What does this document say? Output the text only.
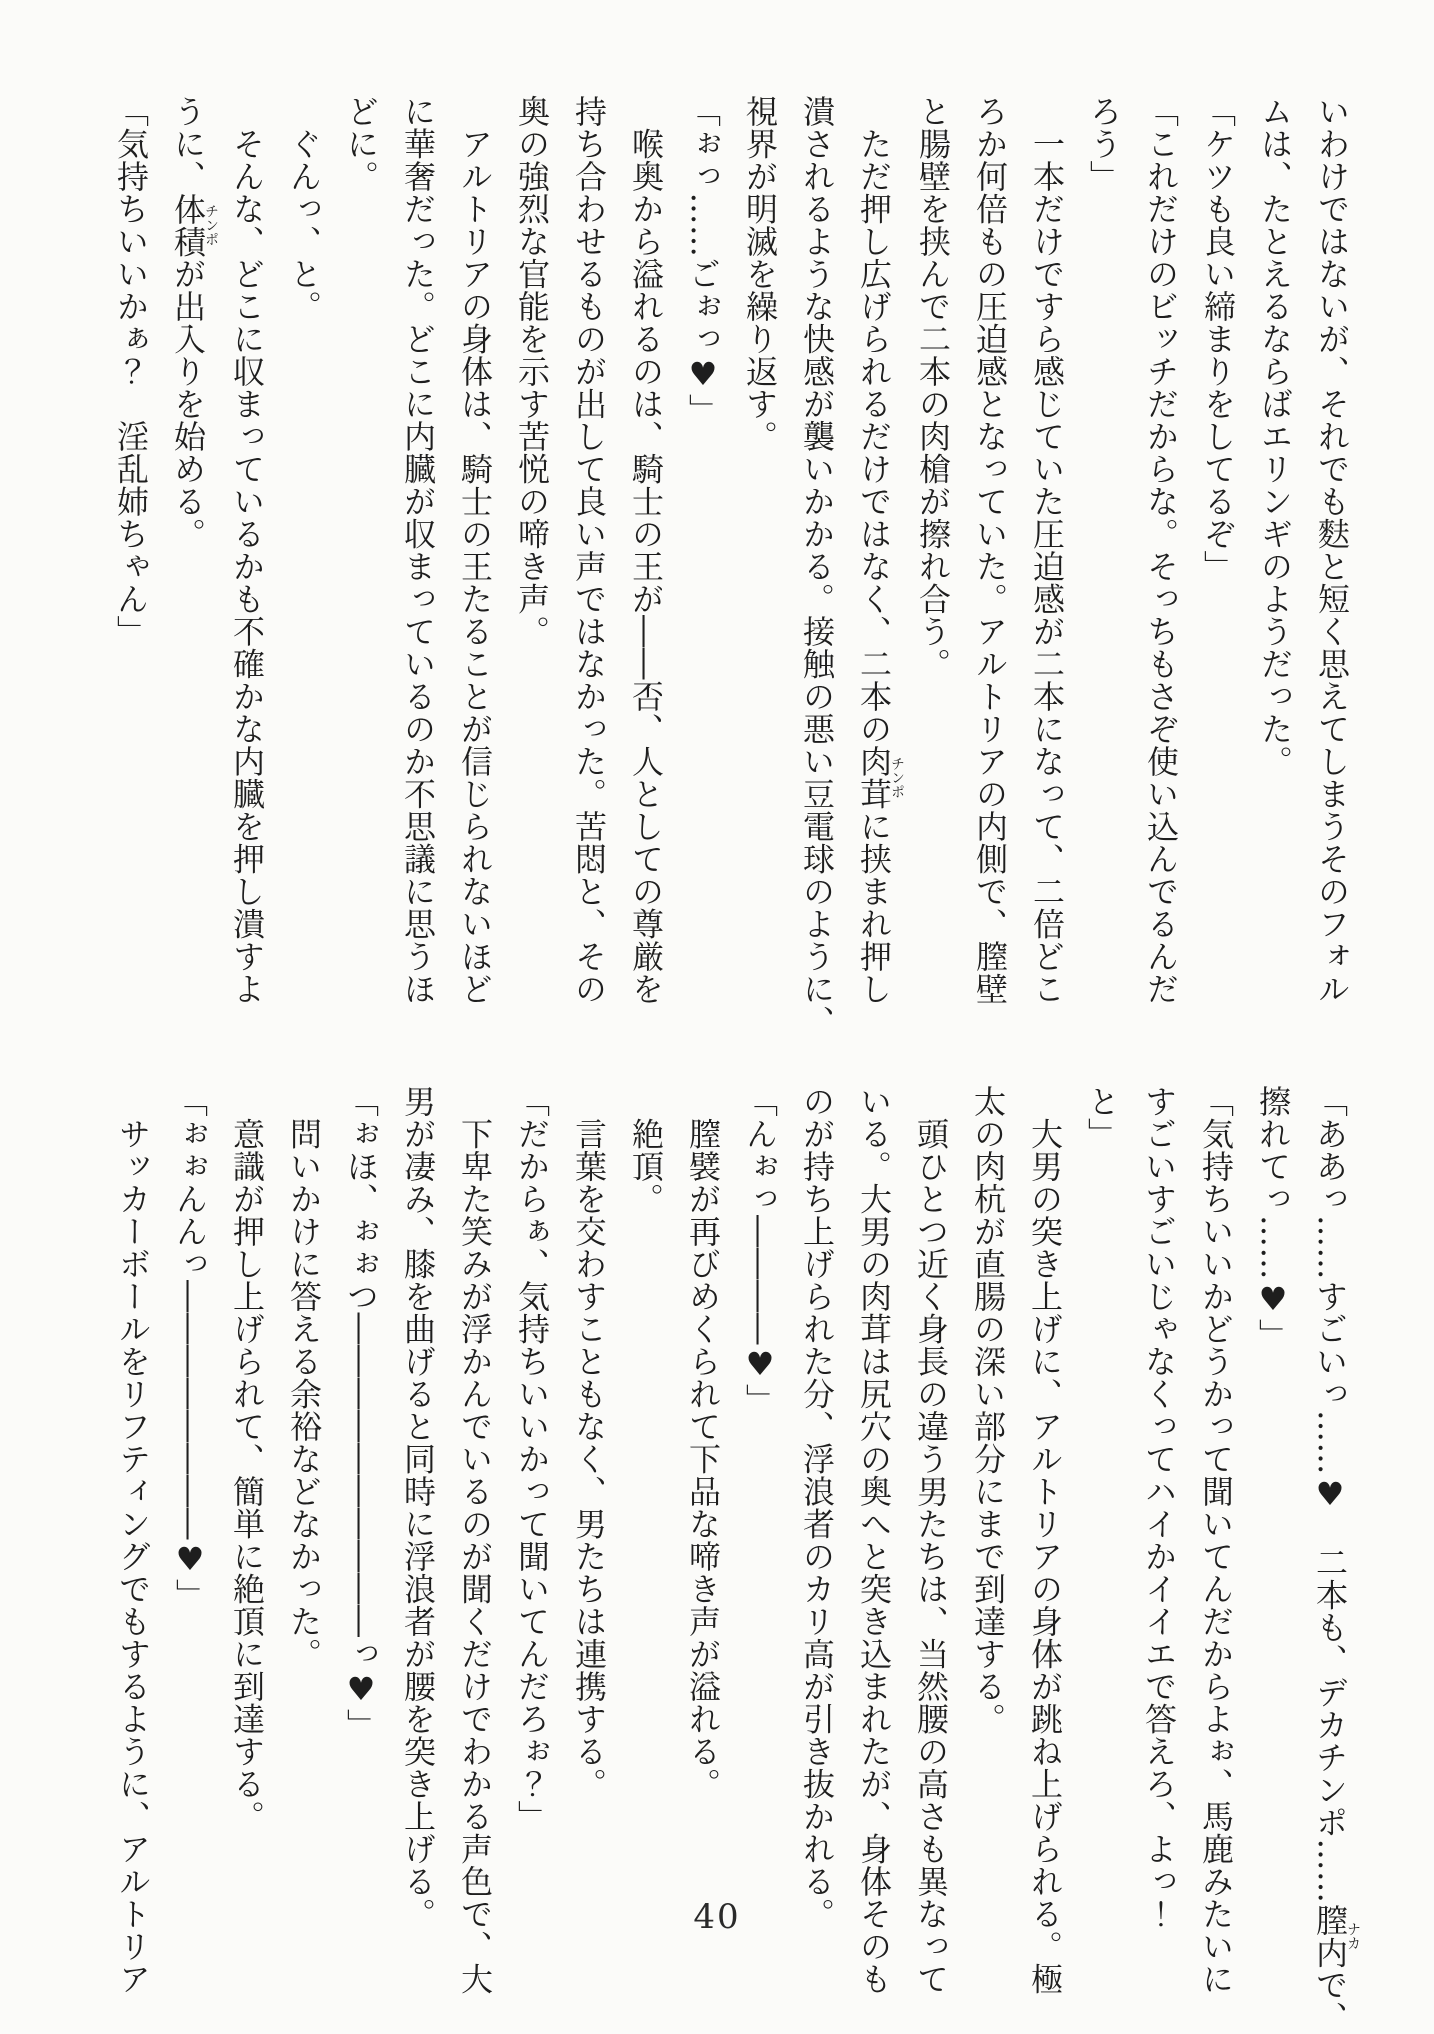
いわけではないが、それでも麩と短く思えてしまうそのフォル

ムは、たとえるならばエリンギのようだった。

「ケツも良い締まりをしてるぞ」

「これだけのビッチだからな。そっちもさぞ使い込んでるんだ

ろう」

　一本だけですら感じていた圧迫感が二本になって、二倍どこ

ろか何倍もの圧迫感となっていた。アルトリアの内側で、膣壁

と腸壁を挟んで二本の肉槍が擦れ合う。

　ただ押し広げられるだけではなく、二本の肉茸チンポに挟まれ押し

潰されるような快感が襲いかかる。接触の悪い豆電球のように、

視界が明滅を繰り返す。

「ぉっ……ごぉっ♥」

　喉奥から溢れるのは、騎士の王が――否、人としての尊厳を

持ち合わせるものが出して良い声ではなかった。苦悶と、その

奥の強烈な官能を示す苦悦の啼き声。

　アルトリアの身体は、騎士の王たることが信じられないほど

に華奢だった。どこに内臓が収まっているのか不思議に思うほ

どに。

　ぐんっ、と。

　そんな、どこに収まっているかも不確かな内臓を押し潰すよ

うに、体積チンポが出入りを始める。

「気持ちいいかぁ？　淫乱姉ちゃん」

「ああっ……すごいっ……♥　二本も、デカチンポ……膣内ナカで、

擦れてっ……♥」

「気持ちいいかどうかって聞いてんだからよぉ、馬鹿みたいに

すごいすごいじゃなくってハイかイイエで答えろ、よっ！

と」

　大男の突き上げに、アルトリアの身体が跳ね上げられる。極

太の肉杭が直腸の深い部分にまで到達する。

　頭ひとつ近く身長の違う男たちは、当然腰の高さも異なって

いる。大男の肉茸は尻穴の奥へと突き込まれたが、身体そのも

のが持ち上げられた分、浮浪者のカリ高が引き抜かれる。

「んぉっ――――♥」

　膣襞が再びめくられて下品な啼き声が溢れる。

　絶頂。

　言葉を交わすこともなく、男たちは連携する。

「だからぁ、気持ちいいかって聞いてんだろぉ？」

　下卑た笑みが浮かんでいるのが聞くだけでわかる声色で、大

男が凄み、膝を曲げると同時に浮浪者が腰を突き上げる。

「ぉほ、ぉぉつ――――――――――っ♥」

　問いかけに答える余裕などなかった。

　意識が押し上げられて、簡単に絶頂に到達する。

「ぉぉんんっ――――――――♥」

　サッカーボールをリフティングでもするように、アルトリア	40
